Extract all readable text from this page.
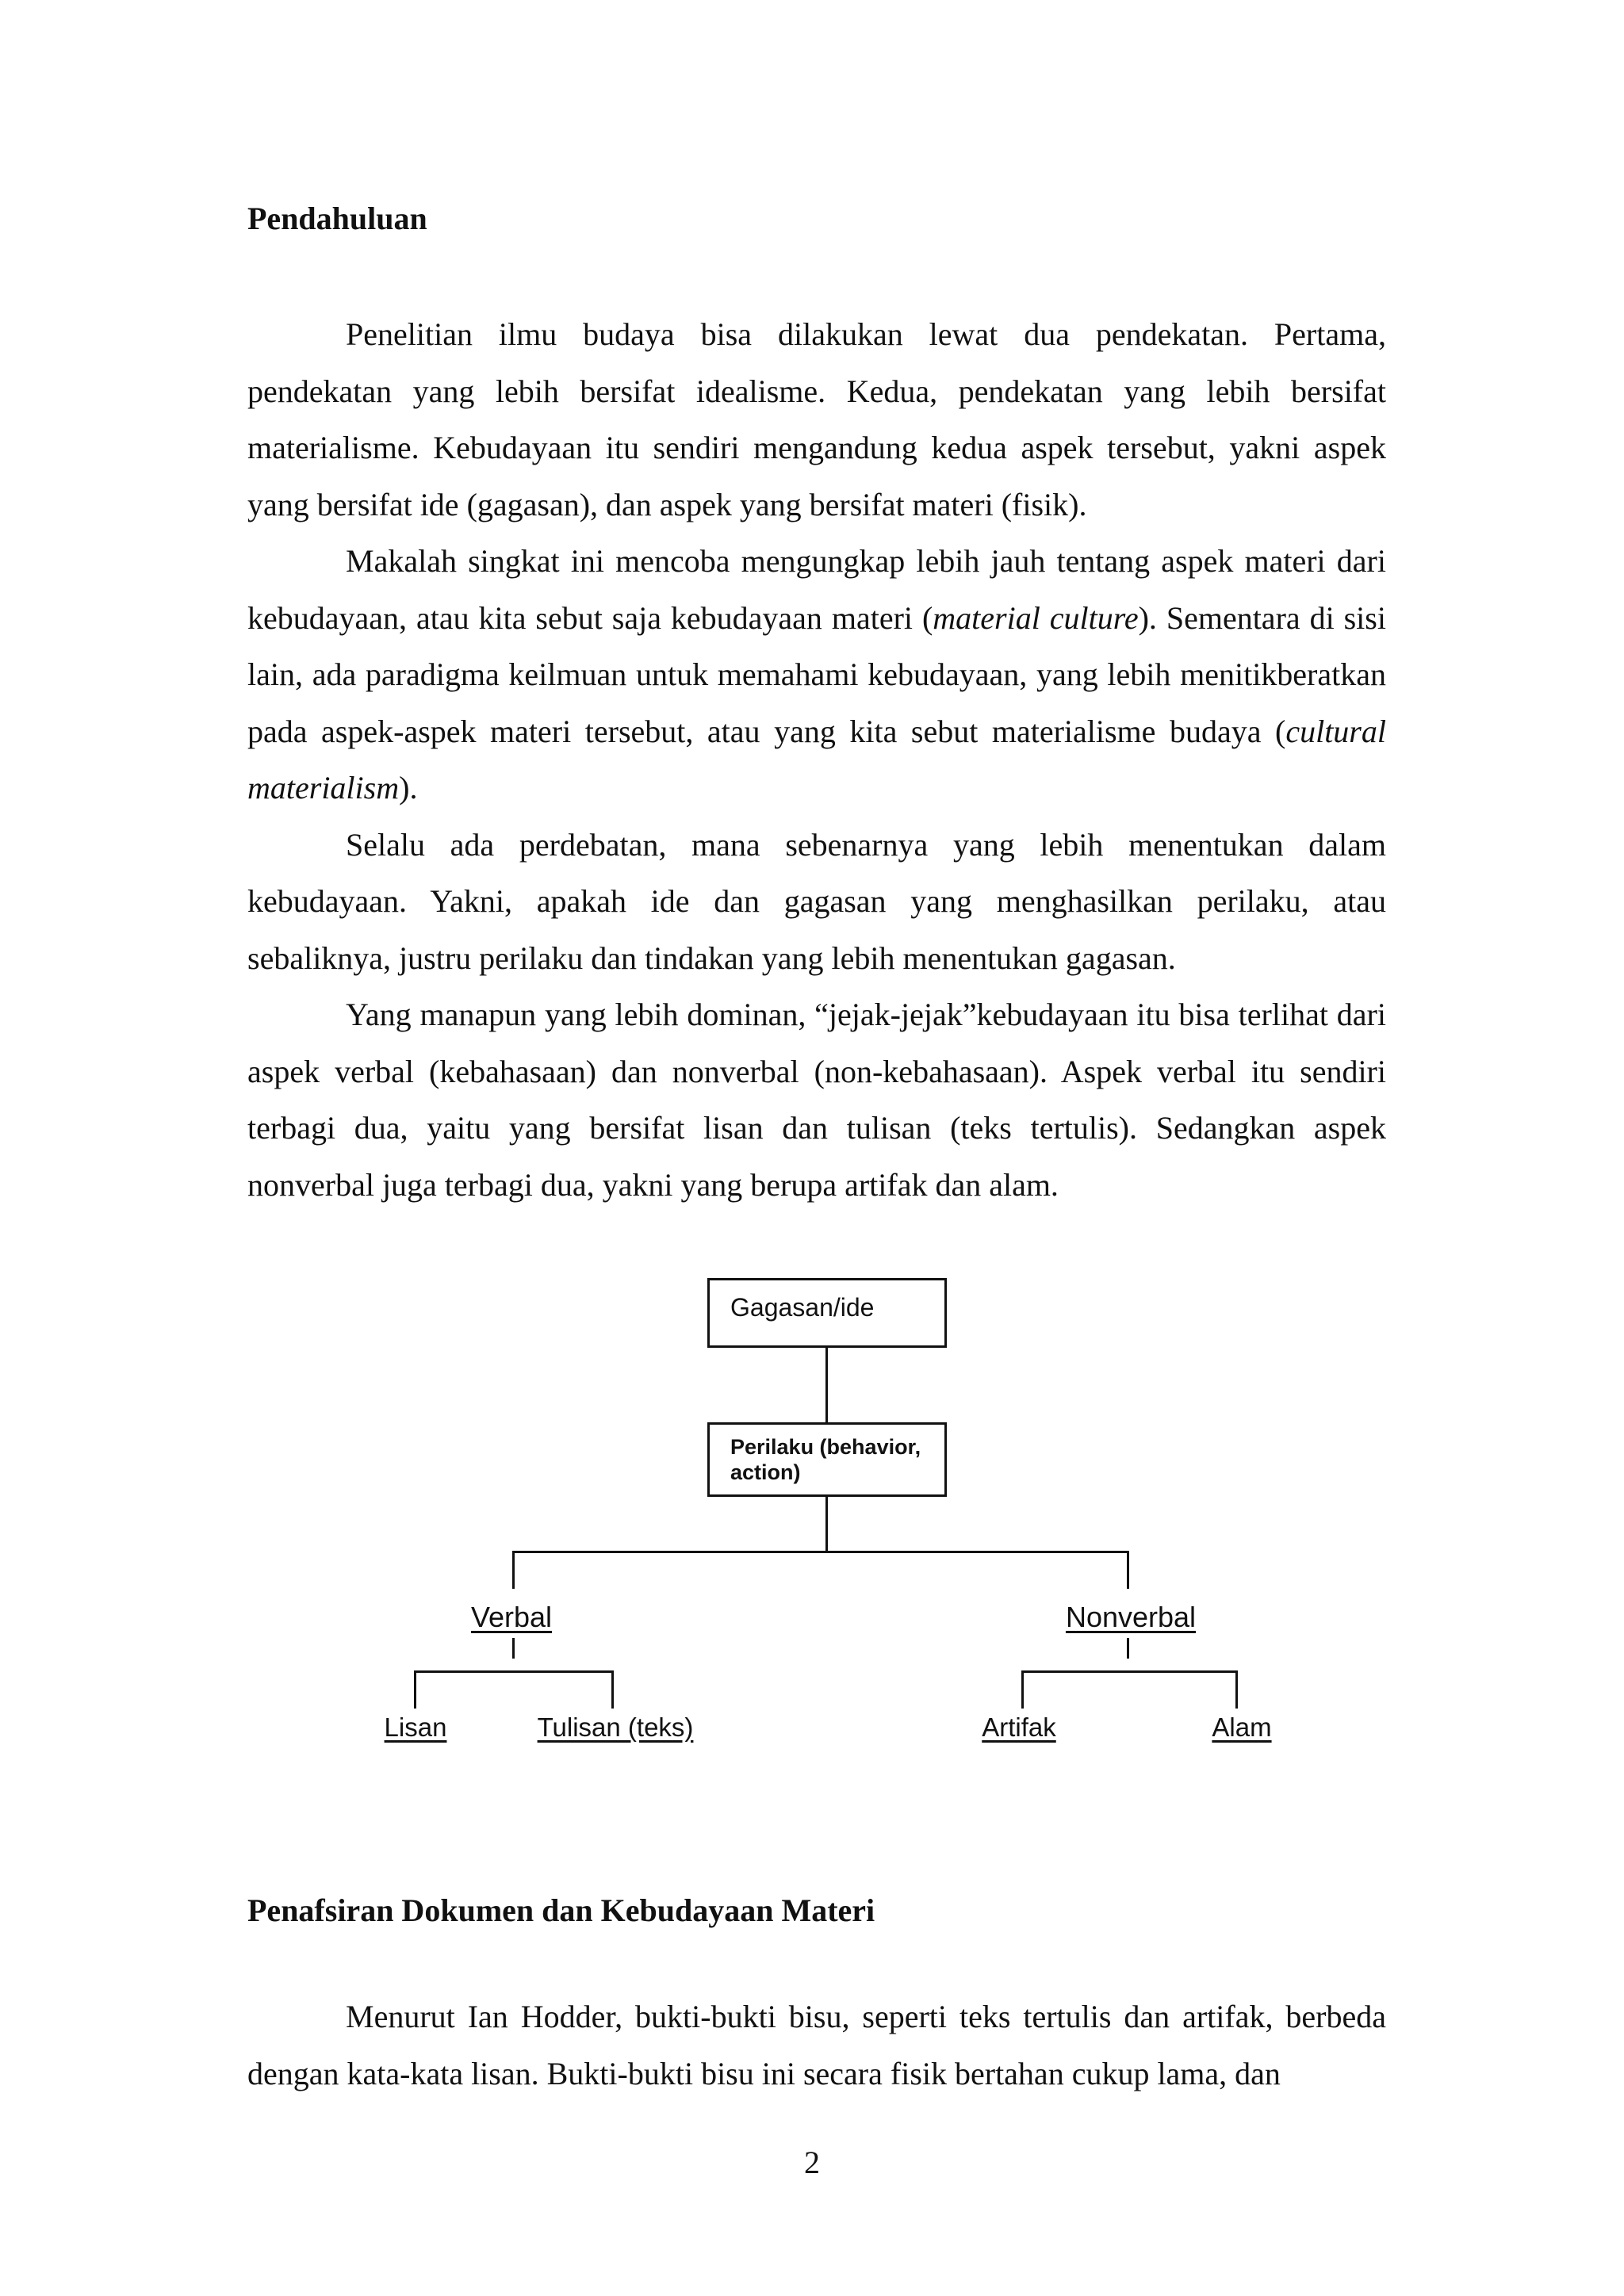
Pendahuluan

Penelitian ilmu budaya bisa dilakukan lewat dua pendekatan. Pertama, pendekatan yang lebih bersifat idealisme. Kedua, pendekatan yang lebih bersifat materialisme. Kebudayaan itu sendiri mengandung kedua aspek tersebut, yakni aspek yang bersifat ide (gagasan), dan aspek yang bersifat materi (fisik).

Makalah singkat ini mencoba mengungkap lebih jauh tentang aspek materi dari kebudayaan, atau kita sebut saja kebudayaan materi (material culture). Sementara di sisi lain, ada paradigma keilmuan untuk memahami kebudayaan, yang lebih menitikberatkan pada aspek-aspek materi tersebut, atau yang kita sebut materialisme budaya (cultural materialism).

Selalu ada perdebatan, mana sebenarnya yang lebih menentukan dalam kebudayaan. Yakni, apakah ide dan gagasan yang menghasilkan perilaku, atau sebaliknya, justru perilaku dan tindakan yang lebih menentukan gagasan.

Yang manapun yang lebih dominan, “jejak-jejak”kebudayaan itu bisa terlihat dari aspek verbal (kebahasaan) dan nonverbal (non-kebahasaan). Aspek verbal itu sendiri terbagi dua, yaitu yang bersifat lisan dan tulisan (teks tertulis). Sedangkan aspek nonverbal juga terbagi dua, yakni yang berupa artifak dan alam.

Gagasan/ide
Perilaku (behavior, action)
Verbal	Nonverbal
Lisan	Tulisan (teks)	Artifak	Alam
Penafsiran Dokumen dan Kebudayaan Materi

Menurut Ian Hodder, bukti-bukti bisu, seperti teks tertulis dan artifak, berbeda dengan kata-kata lisan. Bukti-bukti bisu ini secara fisik bertahan cukup lama, dan

2
